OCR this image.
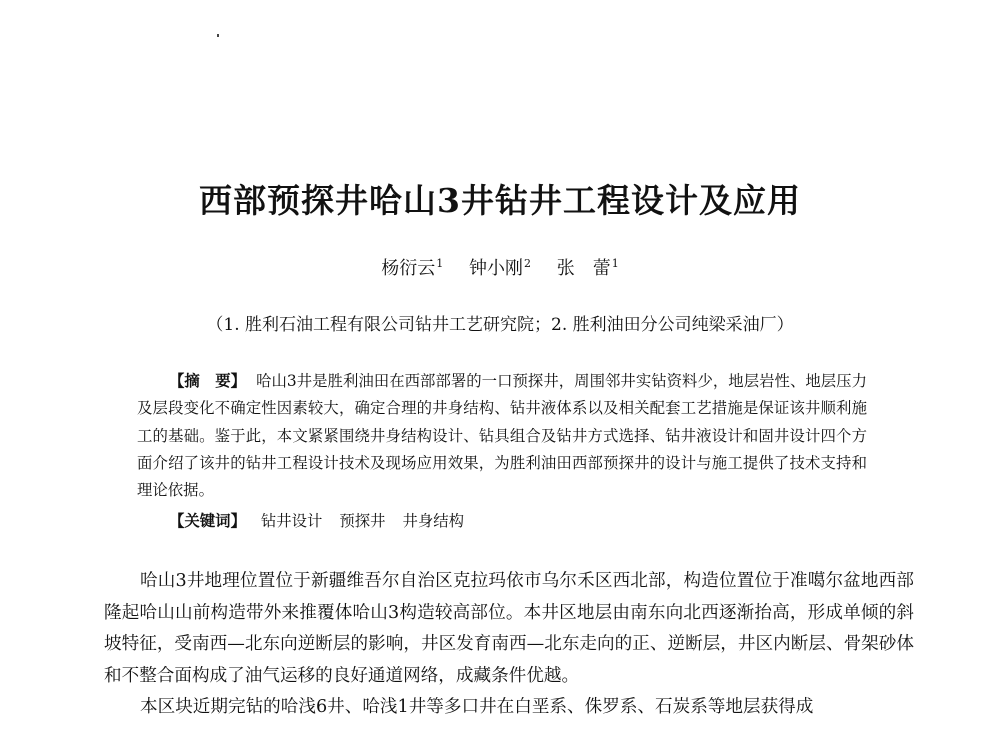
西部预探井哈山3井钻井工程设计及应用
杨衍云$^1$ 钟小刚$^2$ 张　蕾$^1$
（1. 胜利石油工程有限公司钻井工艺研究院；2. 胜利油田分公司纯梁采油厂）

【摘　要】 哈山3井是胜利油田在西部部署的一口预探井，周围邻井实钻资料少，地层岩性、地层压力及层段变化不确定性因素较大，确定合理的井身结构、钻井液体系以及相关配套工艺措施是保证该井顺利施工的基础。鉴于此，本文紧紧围绕井身结构设计、钻具组合及钻井方式选择、钻井液设计和固井设计四个方面介绍了该井的钻井工程设计技术及现场应用效果，为胜利油田西部预探井的设计与施工提供了技术支持和理论依据。

【关键词】 钻井设计 预探井 井身结构

哈山3井地理位置位于新疆维吾尔自治区克拉玛依市乌尔禾区西北部，构造位置位于准噶尔盆地西部隆起哈山山前构造带外来推覆体哈山3构造较高部位。本井区地层由南东向北西逐渐抬高，形成单倾的斜坡特征，受南西—北东向逆断层的影响，井区发育南西—北东走向的正、逆断层，井区内断层、骨架砂体和不整合面构成了油气运移的良好通道网络，成藏条件优越。

本区块近期完钻的哈浅6井、哈浅1井等多口井在白垩系、侏罗系、石炭系等地层获得成
